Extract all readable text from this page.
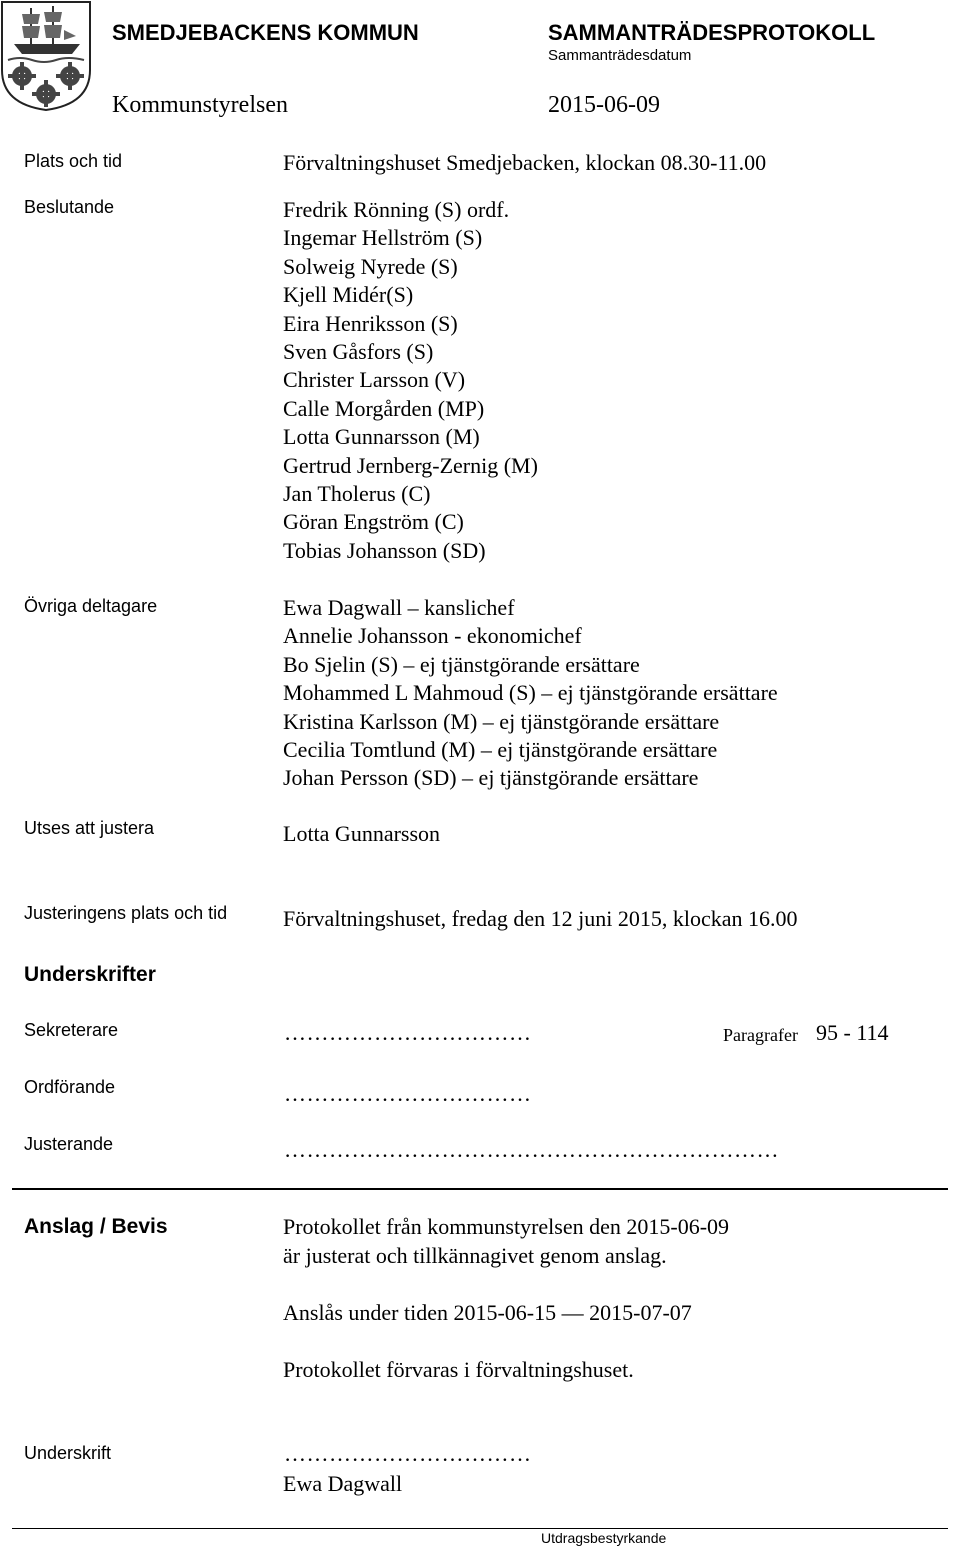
SMEDJEBACKENS KOMMUN	SAMMANTRÄDESPROTOKOLL
Sammanträdesdatum
Kommunstyrelsen	2015-06-09
Plats och tid	Förvaltningshuset Smedjebacken, klockan 08.30-11.00
Beslutande	Fredrik Rönning (S) ordf.
Ingemar Hellström (S)
Solweig Nyrede (S)
Kjell Midér(S)
Eira Henriksson (S)
Sven Gåsfors (S)
Christer Larsson (V)
Calle Morgården (MP)
Lotta Gunnarsson (M)
Gertrud Jernberg-Zernig (M)
Jan Tholerus (C)
Göran Engström (C)
Tobias Johansson (SD)
Övriga deltagare	Ewa Dagwall – kanslichef
Annelie Johansson - ekonomichef
Bo Sjelin (S) – ej tjänstgörande ersättare
Mohammed L Mahmoud (S) – ej tjänstgörande ersättare
Kristina Karlsson (M) – ej tjänstgörande ersättare
Cecilia Tomtlund (M) – ej tjänstgörande ersättare
Johan Persson (SD) – ej tjänstgörande ersättare
Utses att justera	Lotta Gunnarsson
Justeringens plats och tid	Förvaltningshuset, fredag den 12 juni 2015, klockan 16.00
Underskrifter
Sekreterare	……………………………	Paragrafer 95 - 114
Ordförande	……………………………
Justerande	…………………………………………………………
Anslag / Bevis	Protokollet från kommunstyrelsen den 2015-06-09
är justerat och tillkännagivet genom anslag.
Anslås under tiden 2015-06-15 — 2015-07-07
Protokollet förvaras i förvaltningshuset.
Underskrift	……………………………
Ewa Dagwall
Utdragsbestyrkande
